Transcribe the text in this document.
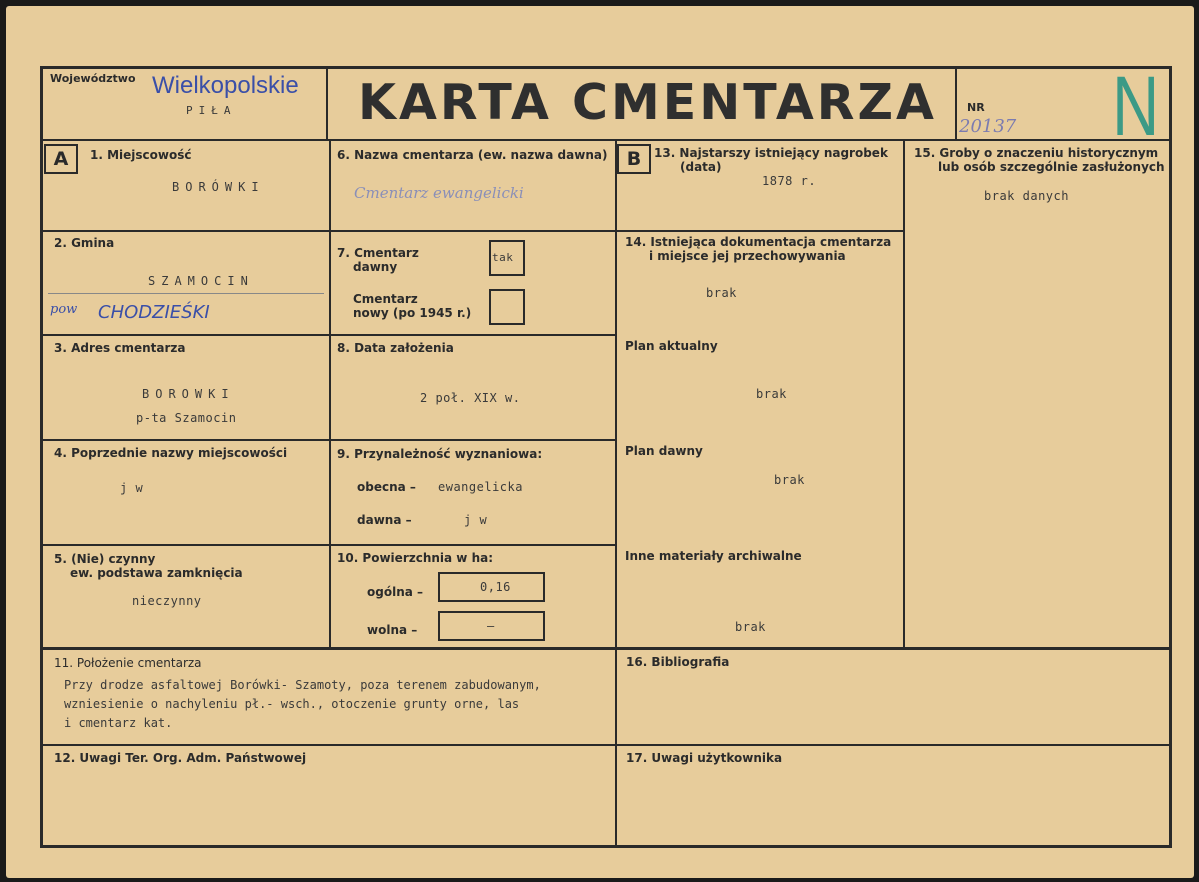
Województwo Wielkopolskie
PIŁA KARTA CMENTARZA	NR
20137 N
A	1. Miejscowość
BORÓWKI
2. Gmina
SZAMOCIN
pow CHODZIEŚKI
3. Adres cmentarza
BOROWKI
p-ta Szamocin
4. Poprzednie nazwy miejscowości
j w
5. (Nie) czynny
ew. podstawa zamknięcia
nieczynny
6. Nazwa cmentarza (ew. nazwa dawna)
Cmentarz ewangelicki
7. Cmentarz
dawny
tak
Cmentarz
nowy (po 1945 r.)
8. Data założenia
2 poł. XIX w.
9. Przynależność wyznaniowa:
obecna – ewangelicka
dawna –	j w
10. Powierzchnia w ha:
ogólna –	0,16
wolna –	–
B	13. Najstarszy istniejący nagrobek
(data)
1878 r.
14. Istniejąca dokumentacja cmentarza
i miejsce jej przechowywania
brak
Plan aktualny
brak
Plan dawny
brak
Inne materiały archiwalne
brak
15. Groby o znaczeniu historycznym
lub osób szczególnie zasłużonych
brak danych
11. Położenie cmentarza
Przy drodze asfaltowej Borówki- Szamoty, poza terenem zabudowanym,
wzniesienie o nachyleniu pł.- wsch., otoczenie grunty orne, las
i cmentarz kat.
16. Bibliografia
12. Uwagi Ter. Org. Adm. Państwowej	17. Uwagi użytkownika
